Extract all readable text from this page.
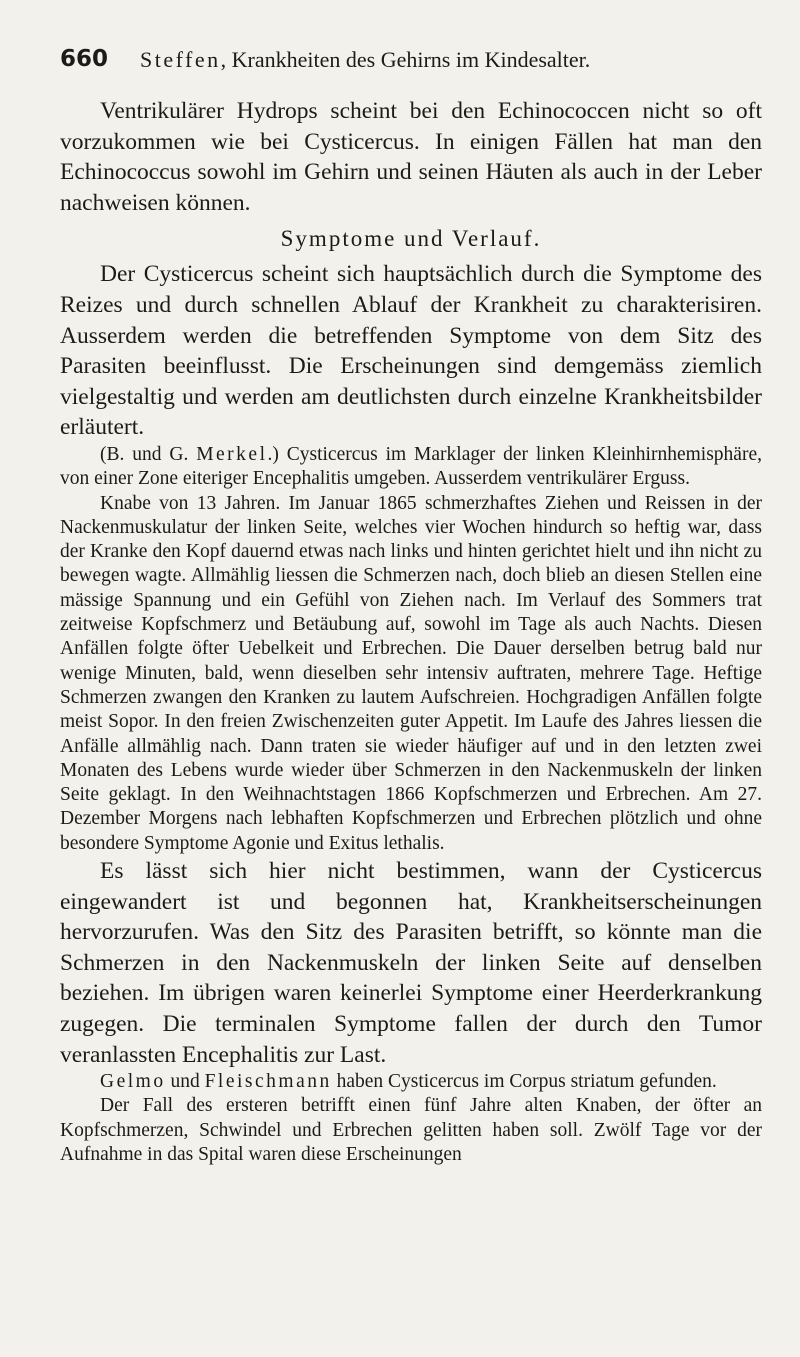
660 Steffen, Krankheiten des Gehirns im Kindesalter.

Ventrikulärer Hydrops scheint bei den Echinococcen nicht so oft vorzukommen wie bei Cysticercus. In einigen Fällen hat man den Echinococcus sowohl im Gehirn und seinen Häuten als auch in der Leber nachweisen können.

Symptome und Verlauf.

Der Cysticercus scheint sich hauptsächlich durch die Symptome des Reizes und durch schnellen Ablauf der Krankheit zu charakterisiren. Ausserdem werden die betreffenden Symptome von dem Sitz des Parasiten beeinflusst. Die Erscheinungen sind demgemäss ziemlich vielgestaltig und werden am deutlichsten durch einzelne Krankheitsbilder erläutert.

(B. und G. Merkel.) Cysticercus im Marklager der linken Kleinhirnhemisphäre, von einer Zone eiteriger Encephalitis umgeben. Ausserdem ventrikulärer Erguss.

Knabe von 13 Jahren. Im Januar 1865 schmerzhaftes Ziehen und Reissen in der Nackenmuskulatur der linken Seite, welches vier Wochen hindurch so heftig war, dass der Kranke den Kopf dauernd etwas nach links und hinten gerichtet hielt und ihn nicht zu bewegen wagte. Allmählig liessen die Schmerzen nach, doch blieb an diesen Stellen eine mässige Spannung und ein Gefühl von Ziehen nach. Im Verlauf des Sommers trat zeitweise Kopfschmerz und Betäubung auf, sowohl im Tage als auch Nachts. Diesen Anfällen folgte öfter Uebelkeit und Erbrechen. Die Dauer derselben betrug bald nur wenige Minuten, bald, wenn dieselben sehr intensiv auftraten, mehrere Tage. Heftige Schmerzen zwangen den Kranken zu lautem Aufschreien. Hochgradigen Anfällen folgte meist Sopor. In den freien Zwischenzeiten guter Appetit. Im Laufe des Jahres liessen die Anfälle allmählig nach. Dann traten sie wieder häufiger auf und in den letzten zwei Monaten des Lebens wurde wieder über Schmerzen in den Nackenmuskeln der linken Seite geklagt. In den Weihnachtstagen 1866 Kopfschmerzen und Erbrechen. Am 27. Dezember Morgens nach lebhaften Kopfschmerzen und Erbrechen plötzlich und ohne besondere Symptome Agonie und Exitus lethalis.

Es lässt sich hier nicht bestimmen, wann der Cysticercus eingewandert ist und begonnen hat, Krankheitserscheinungen hervorzurufen. Was den Sitz des Parasiten betrifft, so könnte man die Schmerzen in den Nackenmuskeln der linken Seite auf denselben beziehen. Im übrigen waren keinerlei Symptome einer Heerderkrankung zugegen. Die terminalen Symptome fallen der durch den Tumor veranlassten Encephalitis zur Last.

Gelmo und Fleischmann haben Cysticercus im Corpus striatum gefunden.

Der Fall des ersteren betrifft einen fünf Jahre alten Knaben, der öfter an Kopfschmerzen, Schwindel und Erbrechen gelitten haben soll. Zwölf Tage vor der Aufnahme in das Spital waren diese Erscheinungen
